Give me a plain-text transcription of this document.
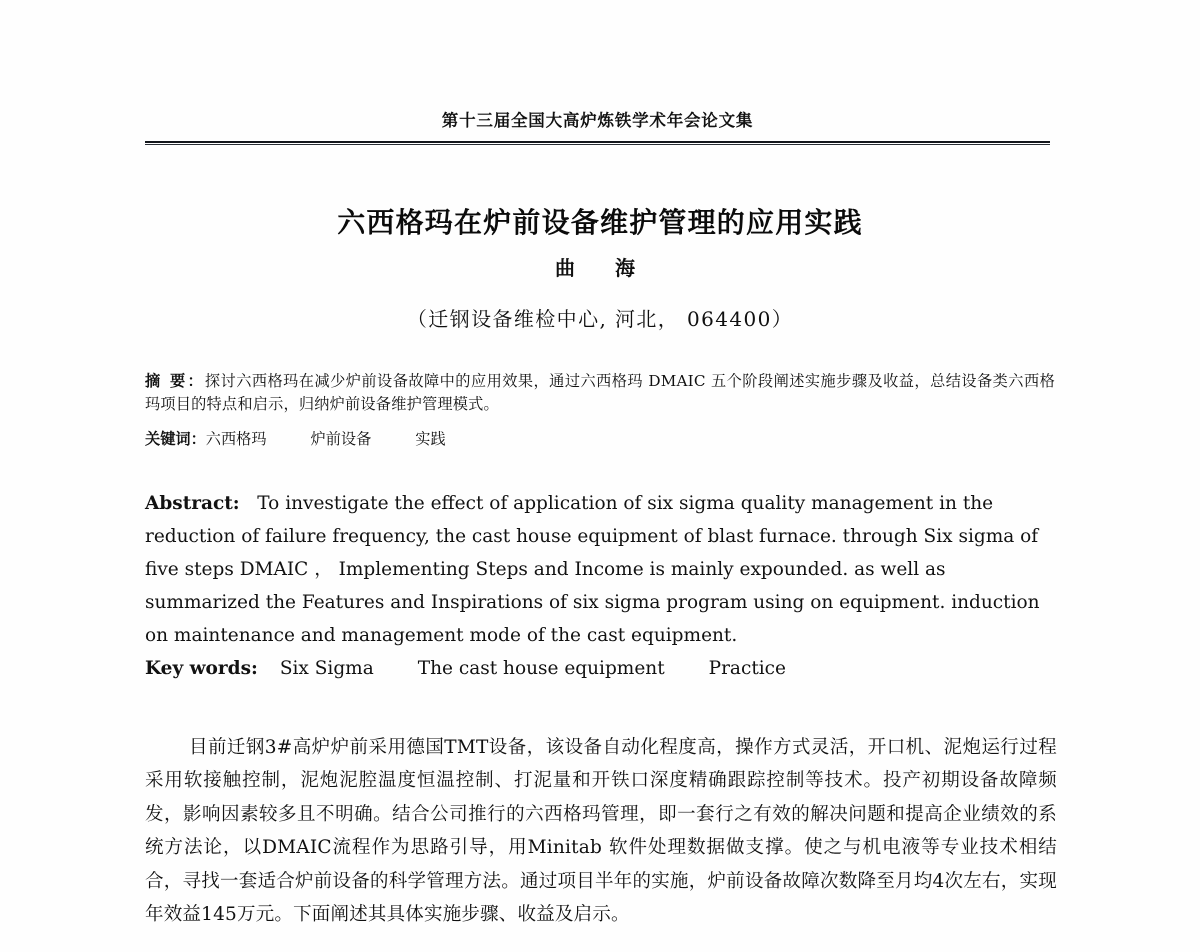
第十三届全国大高炉炼铁学术年会论文集
六西格玛在炉前设备维护管理的应用实践
曲　海
（迁钢设备维检中心, 河北， 064400）
摘 要：探讨六西格玛在减少炉前设备故障中的应用效果，通过六西格玛 DMAIC 五个阶段阐述实施步骤及收益，总结设备类六西格玛项目的特点和启示，归纳炉前设备维护管理模式。
关键词：六西格玛	炉前设备	实践
Abstract: To investigate the effect of application of six sigma quality management in the reduction of failure frequency, the cast house equipment of blast furnace. through Six sigma of five steps DMAIC ， Implementing Steps and Income is mainly expounded. as well as summarized the Features and Inspirations of six sigma program using on equipment. induction on maintenance and management mode of the cast equipment.
Key words: Six Sigma The cast house equipment Practice

目前迁钢3#高炉炉前采用德国TMT设备，该设备自动化程度高，操作方式灵活，开口机、泥炮运行过程采用软接触控制，泥炮泥腔温度恒温控制、打泥量和开铁口深度精确跟踪控制等技术。投产初期设备故障频发，影响因素较多且不明确。结合公司推行的六西格玛管理，即一套行之有效的解决问题和提高企业绩效的系统方法论，以DMAIC流程作为思路引导，用Minitab 软件处理数据做支撑。使之与机电液等专业技术相结合，寻找一套适合炉前设备的科学管理方法。通过项目半年的实施，炉前设备故障次数降至月均4次左右，实现年效益145万元。下面阐述其具体实施步骤、收益及启示。
